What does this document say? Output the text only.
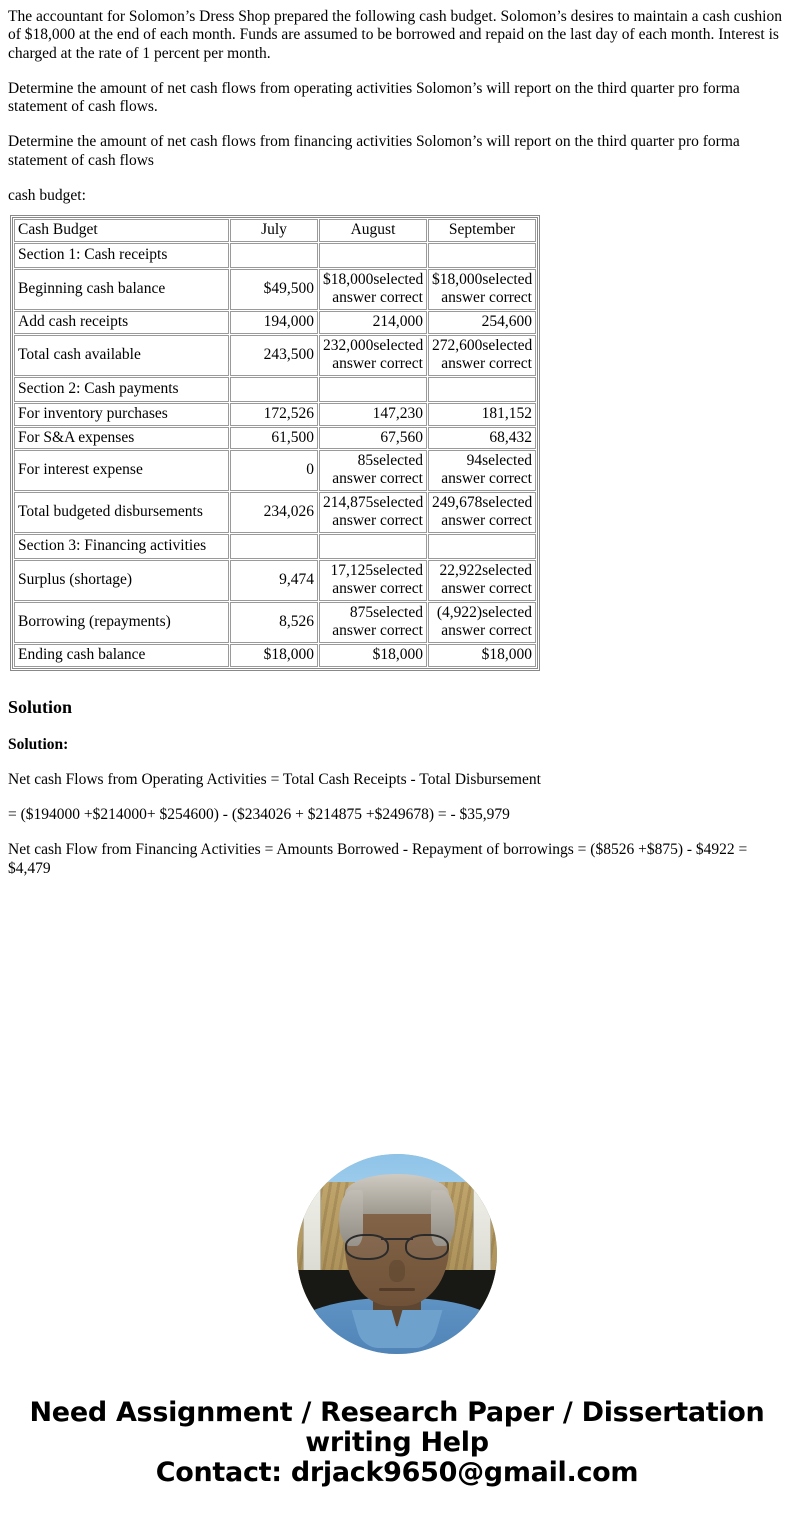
The accountant for Solomon’s Dress Shop prepared the following cash budget. Solomon’s desires to maintain a cash cushion of $18,000 at the end of each month. Funds are assumed to be borrowed and repaid on the last day of each month. Interest is charged at the rate of 1 percent per month.

Determine the amount of net cash flows from operating activities Solomon’s will report on the third quarter pro forma statement of cash flows.

Determine the amount of net cash flows from financing activities Solomon’s will report on the third quarter pro forma statement of cash flows

cash budget:

Cash Budget	July	August	September
Section 1: Cash receipts			
Beginning cash balance	$49,500	$18,000selected answer correct	$18,000selected answer correct
Add cash receipts	194,000	214,000	254,600
Total cash available	243,500	232,000selected answer correct	272,600selected answer correct
Section 2: Cash payments			
For inventory purchases	172,526	147,230	181,152
For S&A expenses	61,500	67,560	68,432
For interest expense	0	85selected answer correct	94selected answer correct
Total budgeted disbursements	234,026	214,875selected answer correct	249,678selected answer correct
Section 3: Financing activities			
Surplus (shortage)	9,474	17,125selected answer correct	22,922selected answer correct
Borrowing (repayments)	8,526	875selected answer correct	(4,922)selected answer correct
Ending cash balance	$18,000	$18,000	$18,000
Solution
Solution:

Net cash Flows from Operating Activities = Total Cash Receipts - Total Disbursement

= ($194000 +$214000+ $254600) - ($234026 + $214875 +$249678) = - $35,979

Net cash Flow from Financing Activities = Amounts Borrowed - Repayment of borrowings = ($8526 +$875) - $4922 = $4,479

Need Assignment / Research Paper / Dissertation
writing Help
Contact: drjack9650@gmail.com
